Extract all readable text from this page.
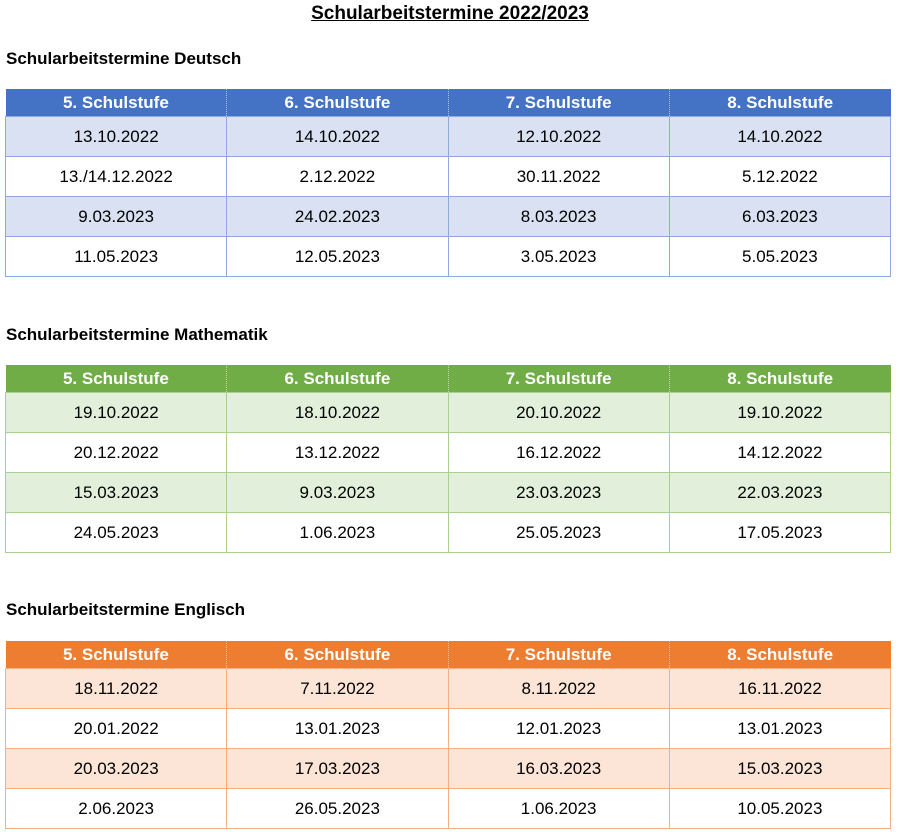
Schularbeitstermine 2022/2023
Schularbeitstermine Deutsch
5. Schulstufe	6. Schulstufe	7. Schulstufe	8. Schulstufe
13.10.2022	14.10.2022	12.10.2022	14.10.2022
13./14.12.2022	2.12.2022	30.11.2022	5.12.2022
9.03.2023	24.02.2023	8.03.2023	6.03.2023
11.05.2023	12.05.2023	3.05.2023	5.05.2023
Schularbeitstermine Mathematik
5. Schulstufe	6. Schulstufe	7. Schulstufe	8. Schulstufe
19.10.2022	18.10.2022	20.10.2022	19.10.2022
20.12.2022	13.12.2022	16.12.2022	14.12.2022
15.03.2023	9.03.2023	23.03.2023	22.03.2023
24.05.2023	1.06.2023	25.05.2023	17.05.2023
Schularbeitstermine Englisch
5. Schulstufe	6. Schulstufe	7. Schulstufe	8. Schulstufe
18.11.2022	7.11.2022	8.11.2022	16.11.2022
20.01.2022	13.01.2023	12.01.2023	13.01.2023
20.03.2023	17.03.2023	16.03.2023	15.03.2023
2.06.2023	26.05.2023	1.06.2023	10.05.2023
